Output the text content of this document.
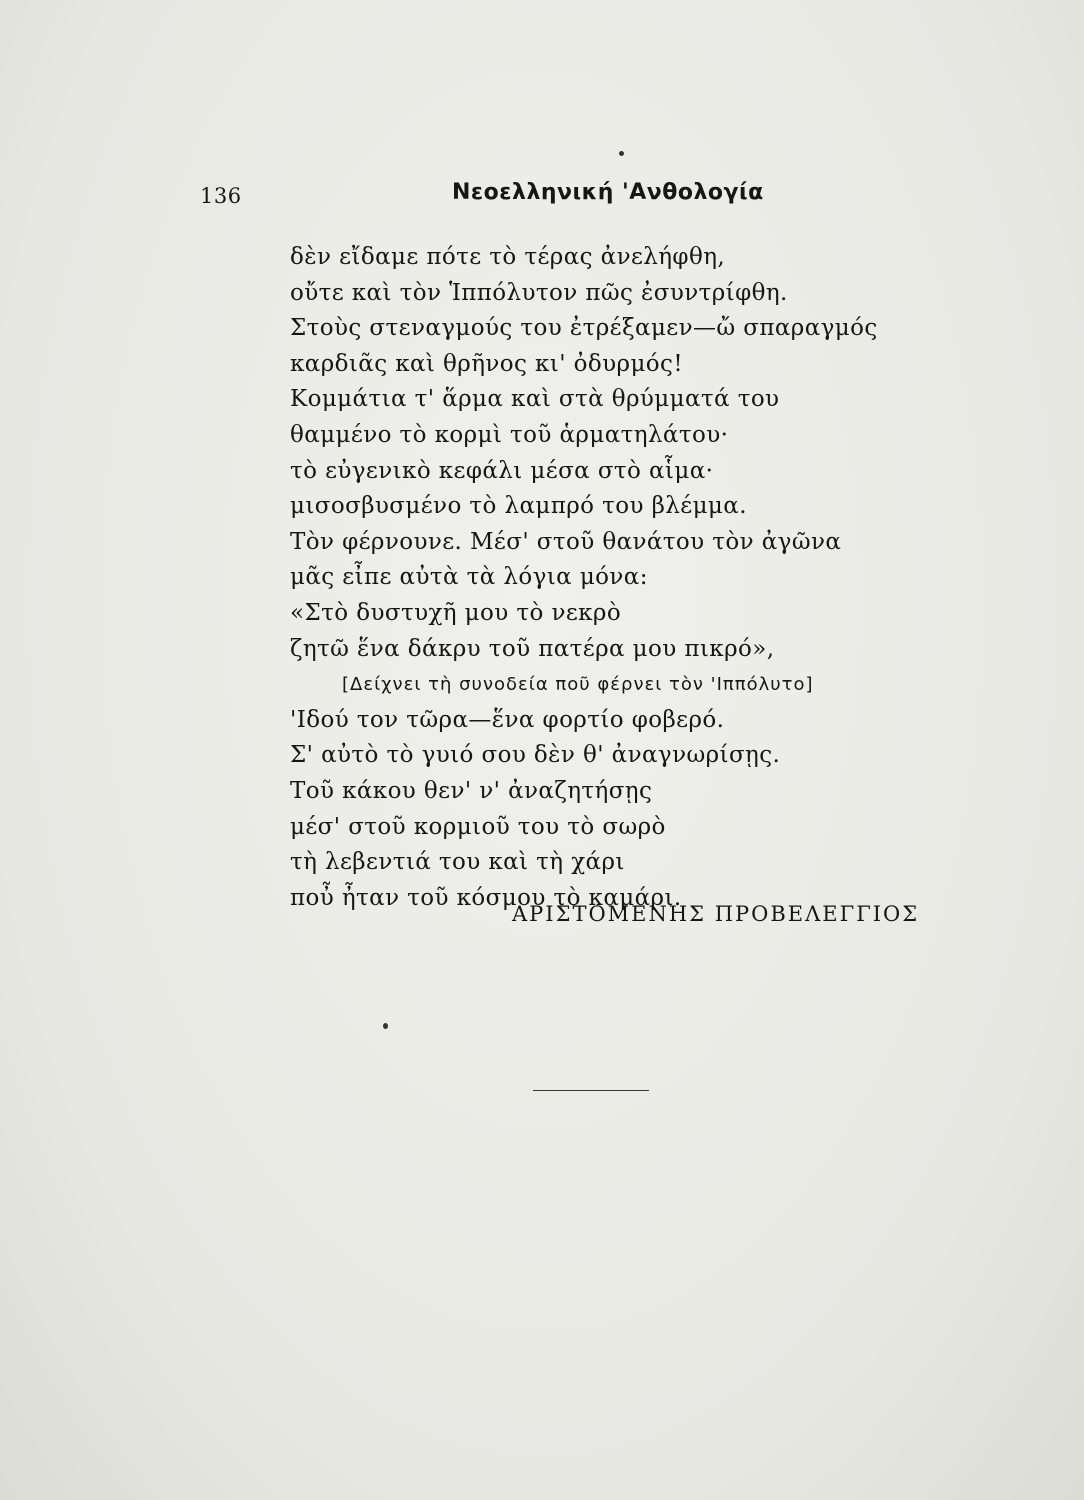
136	Νεοελληνική 'Ανθολογία
δὲν εἴδαμε πότε τὸ τέρας ἀνελήφθη,
οὔτε καὶ τὸν Ἱππόλυτον πῶς ἐσυντρίφθη.
Στοὺς στεναγμούς του ἐτρέξαμεν—ὤ σπαραγμός
καρδιᾶς καὶ θρῆνος κι' ὀδυρμός!
Κομμάτια τ' ἅρμα καὶ στὰ θρύμματά του
θαμμένο τὸ κορμὶ τοῦ ἁρματηλάτου·
τὸ εὐγενικὸ κεφάλι μέσα στὸ αἷμα·
μισοσβυσμένο τὸ λαμπρό του βλέμμα.
Τὸν φέρνουνε. Μέσ' στοῦ θανάτου τὸν ἀγῶνα
μᾶς εἶπε αὐτὰ τὰ λόγια μόνα:
«Στὸ δυστυχῆ μου τὸ νεκρὸ
ζητῶ ἕνα δάκρυ τοῦ πατέρα μου πικρό»,
[Δείχνει τὴ συνοδεία ποῦ φέρνει τὸν 'Ιππόλυτο]
'Ιδού τον τῶρα—ἕνα φορτίο φοβερό.
Σ' αὐτὸ τὸ γυιό σου δὲν θ' ἀναγνωρίσῃς.
Τοῦ κάκου θεν' ν' ἀναζητήσῃς
μέσ' στοῦ κορμιοῦ του τὸ σωρὸ
τὴ λεβεντιά του καὶ τὴ χάρι
ποὖ ἦταν τοῦ κόσμου τὸ καμάρι.
ΑΡΙΣΤΟΜΕΝΗΣ ΠΡΟΒΕΛΕΓΓΙΟΣ
